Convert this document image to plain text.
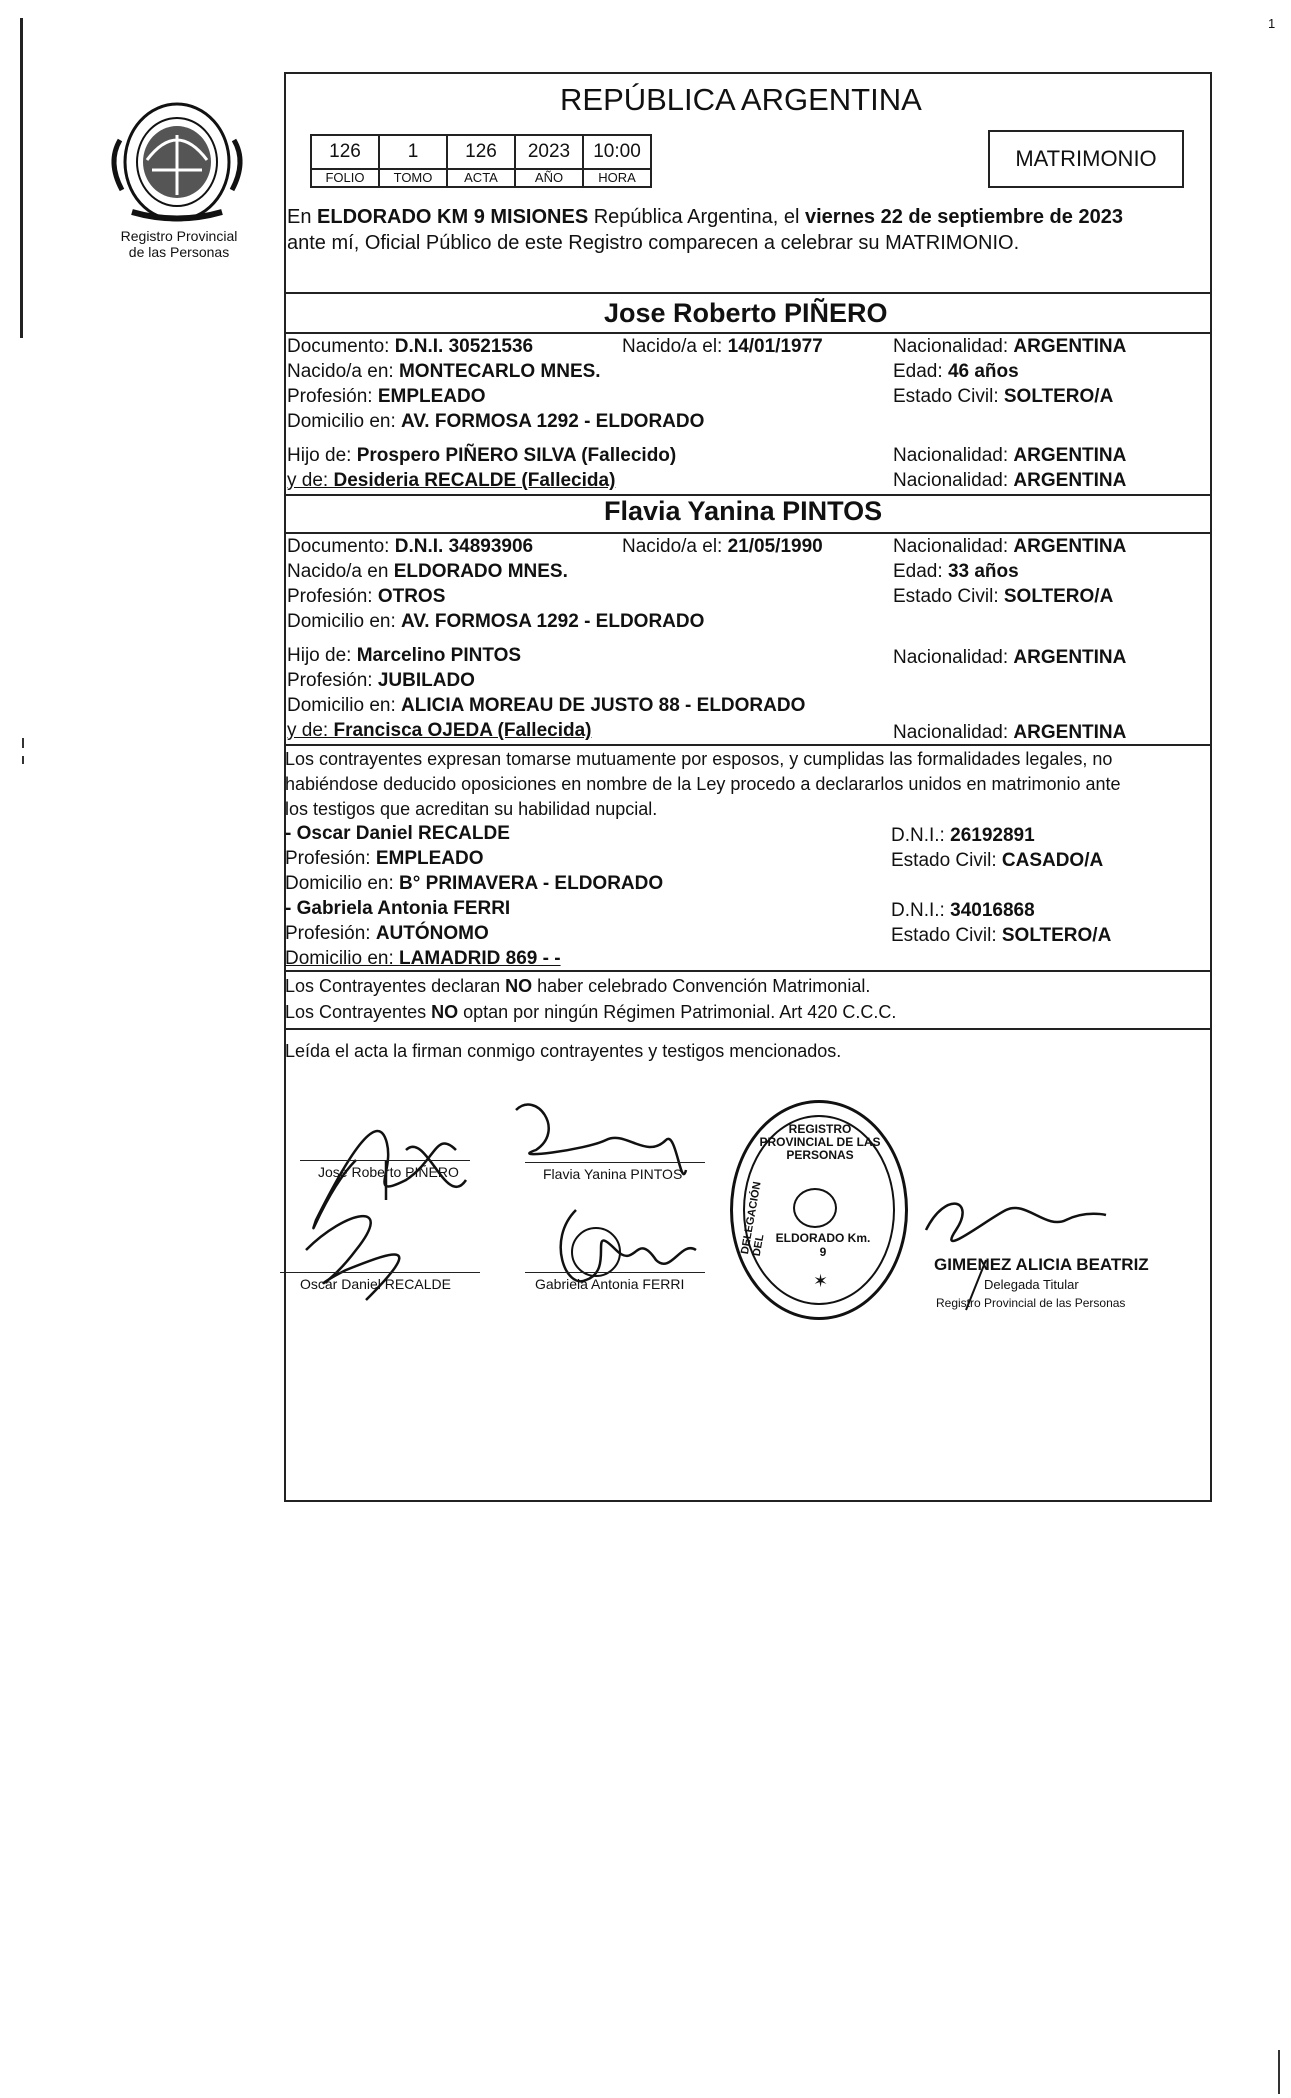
1
Registro Provincial
de las Personas
REPÚBLICA ARGENTINA
126	1	126	2023	10:00
FOLIO	TOMO	ACTA	AÑO	HORA
MATRIMONIO
En ELDORADO KM 9 MISIONES República Argentina, el viernes 22 de septiembre de 2023
ante mí, Oficial Público de este Registro comparecen a celebrar su MATRIMONIO.
Jose Roberto PIÑERO
Documento: D.N.I. 30521536	Nacido/a el: 14/01/1977	Nacionalidad: ARGENTINA
Nacido/a en: MONTECARLO MNES.	Edad: 46 años
Profesión: EMPLEADO	Estado Civil: SOLTERO/A
Domicilio en: AV. FORMOSA 1292 - ELDORADO
Hijo de: Prospero PIÑERO SILVA (Fallecido)	Nacionalidad: ARGENTINA
y de: Desideria RECALDE (Fallecida)	Nacionalidad: ARGENTINA
Flavia Yanina PINTOS
Documento: D.N.I. 34893906	Nacido/a el: 21/05/1990	Nacionalidad: ARGENTINA
Nacido/a en ELDORADO MNES.	Edad: 33 años
Profesión: OTROS	Estado Civil: SOLTERO/A
Domicilio en: AV. FORMOSA 1292 - ELDORADO
Hijo de: Marcelino PINTOS	Nacionalidad: ARGENTINA
Profesión: JUBILADO
Domicilio en: ALICIA MOREAU DE JUSTO 88 - ELDORADO
y de: Francisca OJEDA (Fallecida)	Nacionalidad: ARGENTINA
Los contrayentes expresan tomarse mutuamente por esposos, y cumplidas las formalidades legales, no
habiéndose deducido oposiciones en nombre de la Ley procedo a declararlos unidos en matrimonio ante
los testigos que acreditan su habilidad nupcial.
- Oscar Daniel RECALDE	D.N.I.: 26192891
Profesión: EMPLEADO	Estado Civil: CASADO/A
Domicilio en: B° PRIMAVERA - ELDORADO
- Gabriela Antonia FERRI	D.N.I.: 34016868
Profesión: AUTÓNOMO	Estado Civil: SOLTERO/A
Domicilio en: LAMADRID 869 - -
Los Contrayentes declaran NO haber celebrado Convención Matrimonial.
Los Contrayentes NO optan por ningún Régimen Patrimonial. Art 420 C.C.C.
Leída el acta la firman conmigo contrayentes y testigos mencionados.
Jose Roberto PIÑERO	Flavia Yanina PINTOS
Oscar Daniel RECALDE	Gabriela Antonia FERRI
REGISTRO PROVINCIAL DE LAS PERSONAS
DELEGACIÓN DEL ELDORADO Km. 9
✶
GIMENEZ ALICIA BEATRIZ
Delegada Titular
Registro Provincial de las Personas
